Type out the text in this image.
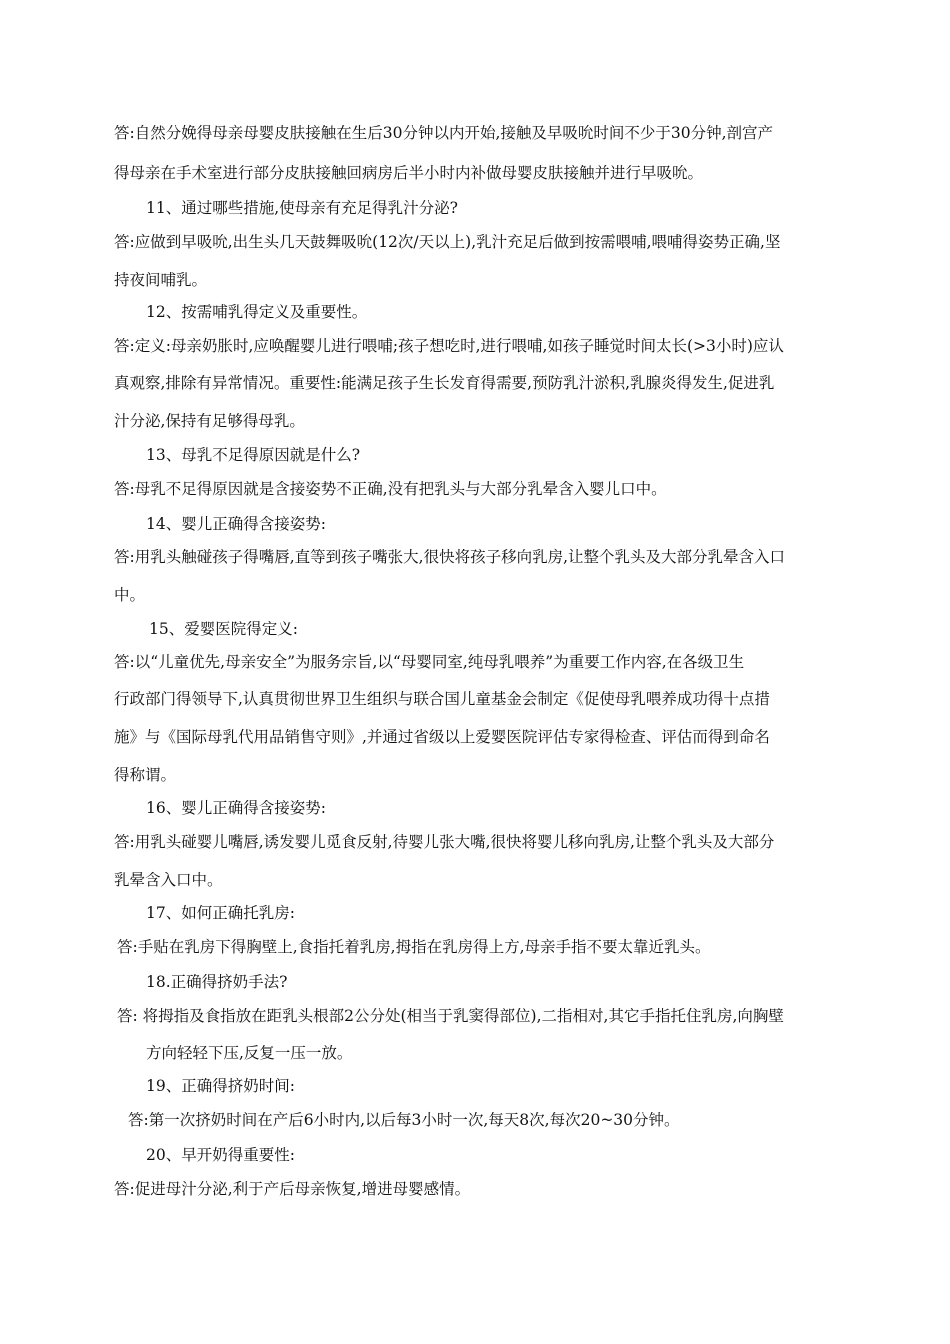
答:自然分娩得母亲母婴皮肤接触在生后30分钟以内开始,接触及早吸吮时间不少于30分钟,剖宫产
得母亲在手术室进行部分皮肤接触回病房后半小时内补做母婴皮肤接触并进行早吸吮。
11、通过哪些措施,使母亲有充足得乳汁分泌?
答:应做到早吸吮,出生头几天鼓舞吸吮(12次/天以上),乳汁充足后做到按需喂哺,喂哺得姿势正确,坚
持夜间哺乳。
12、按需哺乳得定义及重要性。
答:定义:母亲奶胀时,应唤醒婴儿进行喂哺;孩子想吃时,进行喂哺,如孩子睡觉时间太长(>3小时)应认
真观察,排除有异常情况。重要性:能满足孩子生长发育得需要,预防乳汁淤积,乳腺炎得发生,促进乳
汁分泌,保持有足够得母乳。
13、母乳不足得原因就是什么?
答:母乳不足得原因就是含接姿势不正确,没有把乳头与大部分乳晕含入婴儿口中。
14、婴儿正确得含接姿势:
答:用乳头触碰孩子得嘴唇,直等到孩子嘴张大,很快将孩子移向乳房,让整个乳头及大部分乳晕含入口
中。
15、爱婴医院得定义:
答:以“儿童优先,母亲安全”为服务宗旨,以“母婴同室,纯母乳喂养”为重要工作内容,在各级卫生
行政部门得领导下,认真贯彻世界卫生组织与联合国儿童基金会制定《促使母乳喂养成功得十点措
施》与《国际母乳代用品销售守则》,并通过省级以上爱婴医院评估专家得检查、评估而得到命名
得称谓。
16、婴儿正确得含接姿势:
答:用乳头碰婴儿嘴唇,诱发婴儿觅食反射,待婴儿张大嘴,很快将婴儿移向乳房,让整个乳头及大部分
乳晕含入口中。
17、如何正确托乳房:
答:手贴在乳房下得胸壁上,食指托着乳房,拇指在乳房得上方,母亲手指不要太靠近乳头。
18.正确得挤奶手法?
答: 将拇指及食指放在距乳头根部2公分处(相当于乳窦得部位),二指相对,其它手指托住乳房,向胸壁
方向轻轻下压,反复一压一放。
19、正确得挤奶时间:
答:第一次挤奶时间在产后6小时内,以后每3小时一次,每天8次,每次20~30分钟。
20、早开奶得重要性:
答:促进母汁分泌,利于产后母亲恢复,增进母婴感情。
